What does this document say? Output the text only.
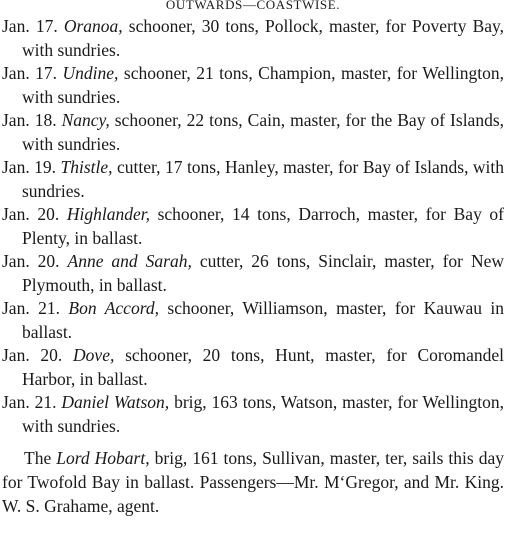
OUTWARDS—COASTWISE.

Jan. 17. Oranoa, schooner, 30 tons, Pollock, master, for Poverty Bay, with sundries.

Jan. 17. Undine, schooner, 21 tons, Champion, master, for Wellington, with sundries.

Jan. 18. Nancy, schooner, 22 tons, Cain, master, for the Bay of Islands, with sundries.

Jan. 19. Thistle, cutter, 17 tons, Hanley, master, for Bay of Islands, with sundries.

Jan. 20. Highlander, schooner, 14 tons, Darroch, master, for Bay of Plenty, in ballast.

Jan. 20. Anne and Sarah, cutter, 26 tons, Sinclair, master, for New Plymouth, in ballast.

Jan. 21. Bon Accord, schooner, Williamson, master, for Kauwau in ballast.

Jan. 20. Dove, schooner, 20 tons, Hunt, master, for Coromandel Harbor, in ballast.

Jan. 21. Daniel Watson, brig, 163 tons, Watson, master, for Wellington, with sundries.

The Lord Hobart, brig, 161 tons, Sullivan, master, ter, sails this day for Twofold Bay in ballast. Passengers—Mr. M‘Gregor, and Mr. King. W. S. Grahame, agent.
